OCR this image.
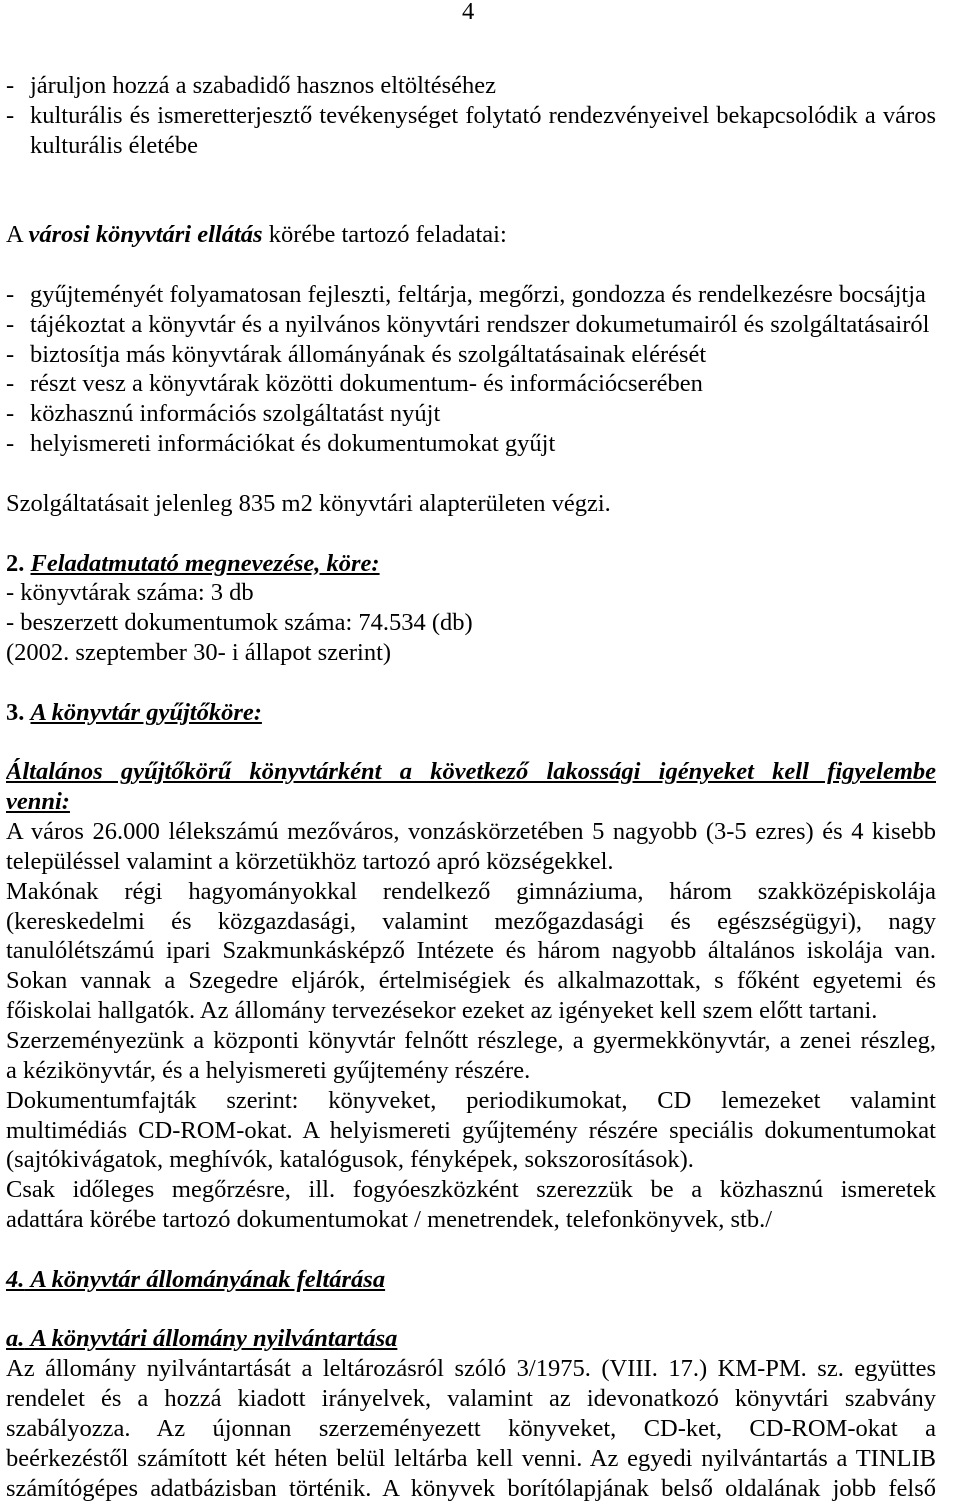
4
- járuljon hozzá a szabadidő hasznos eltöltéséhez
- kulturális és ismeretterjesztő tevékenységet folytató rendezvényeivel bekapcsolódik a város
kulturális életébe
A városi könyvtári ellátás körébe tartozó feladatai:
- gyűjteményét folyamatosan fejleszti, feltárja, megőrzi, gondozza és rendelkezésre bocsájtja
- tájékoztat a könyvtár és a nyilvános könyvtári rendszer dokumetumairól és szolgáltatásairól
- biztosítja más könyvtárak állományának és szolgáltatásainak elérését
- részt vesz a könyvtárak közötti dokumentum- és információcserében
- közhasznú információs szolgáltatást nyújt
- helyismereti információkat és dokumentumokat gyűjt
Szolgáltatásait jelenleg 835 m2 könyvtári alapterületen végzi.
2. Feladatmutató megnevezése, köre:
- könyvtárak száma: 3 db
- beszerzett dokumentumok száma: 74.534 (db)
(2002. szeptember 30- i állapot szerint)
3. A könyvtár gyűjtőköre:
Általános gyűjtőkörű könyvtárként a következő lakossági igényeket kell figyelembe
venni:
A város 26.000 lélekszámú mezőváros, vonzáskörzetében 5 nagyobb (3-5 ezres) és 4 kisebb
településsel valamint a körzetükhöz tartozó apró községekkel.
Makónak régi hagyományokkal rendelkező gimnáziuma, három szakközépiskolája
(kereskedelmi és közgazdasági, valamint mezőgazdasági és egészségügyi), nagy
tanulólétszámú ipari Szakmunkásképző Intézete és három nagyobb általános iskolája van.
Sokan vannak a Szegedre eljárók, értelmiségiek és alkalmazottak, s főként egyetemi és
főiskolai hallgatók. Az állomány tervezésekor ezeket az igényeket kell szem előtt tartani.
Szerzeményezünk a központi könyvtár felnőtt részlege, a gyermekkönyvtár, a zenei részleg,
a kézikönyvtár, és a helyismereti gyűjtemény részére.
Dokumentumfajták szerint: könyveket, periodikumokat, CD lemezeket valamint
multimédiás CD-ROM-okat. A helyismereti gyűjtemény részére speciális dokumentumokat
(sajtókivágatok, meghívók, katalógusok, fényképek, sokszorosítások).
Csak időleges megőrzésre, ill. fogyóeszközként szerezzük be a közhasznú ismeretek
adattára körébe tartozó dokumentumokat / menetrendek, telefonkönyvek, stb./
4. A könyvtár állományának feltárása
a. A könyvtári állomány nyilvántartása
Az állomány nyilvántartását a leltározásról szóló 3/1975. (VIII. 17.) KM-PM. sz. együttes
rendelet és a hozzá kiadott irányelvek, valamint az idevonatkozó könyvtári szabvány
szabályozza. Az újonnan szerzeményezett könyveket, CD-ket, CD-ROM-okat a
beérkezéstől számított két héten belül leltárba kell venni. Az egyedi nyilvántartás a TINLIB
számítógépes adatbázisban történik. A könyvek borítólapjának belső oldalának jobb felső
